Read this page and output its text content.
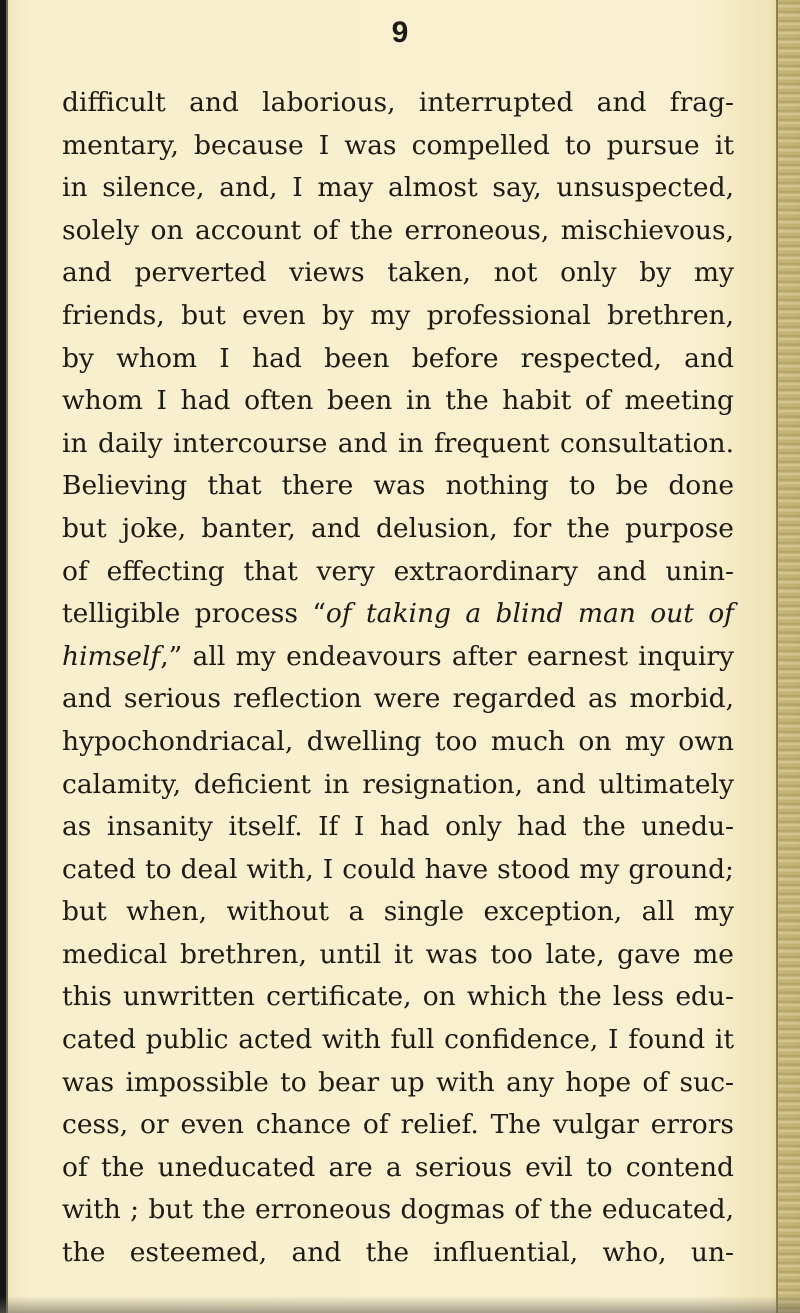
9
difficult and laborious, interrupted and frag-
mentary, because I was compelled to pursue it
in silence, and, I may almost say, unsuspected,
solely on account of the erroneous, mischievous,
and perverted views taken, not only by my
friends, but even by my professional brethren,
by whom I had been before respected, and
whom I had often been in the habit of meeting
in daily intercourse and in frequent consultation.
Believing that there was nothing to be done
but joke, banter, and delusion, for the purpose
of effecting that very extraordinary and unin-
telligible process “of taking a blind man out of
himself,” all my endeavours after earnest inquiry
and serious reflection were regarded as morbid,
hypochondriacal, dwelling too much on my own
calamity, deficient in resignation, and ultimately
as insanity itself. If I had only had the unedu-
cated to deal with, I could have stood my ground;
but when, without a single exception, all my
medical brethren, until it was too late, gave me
this unwritten certificate, on which the less edu-
cated public acted with full confidence, I found it
was impossible to bear up with any hope of suc-
cess, or even chance of relief. The vulgar errors
of the uneducated are a serious evil to contend
with ; but the erroneous dogmas of the educated,
the esteemed, and the influential, who, un-
